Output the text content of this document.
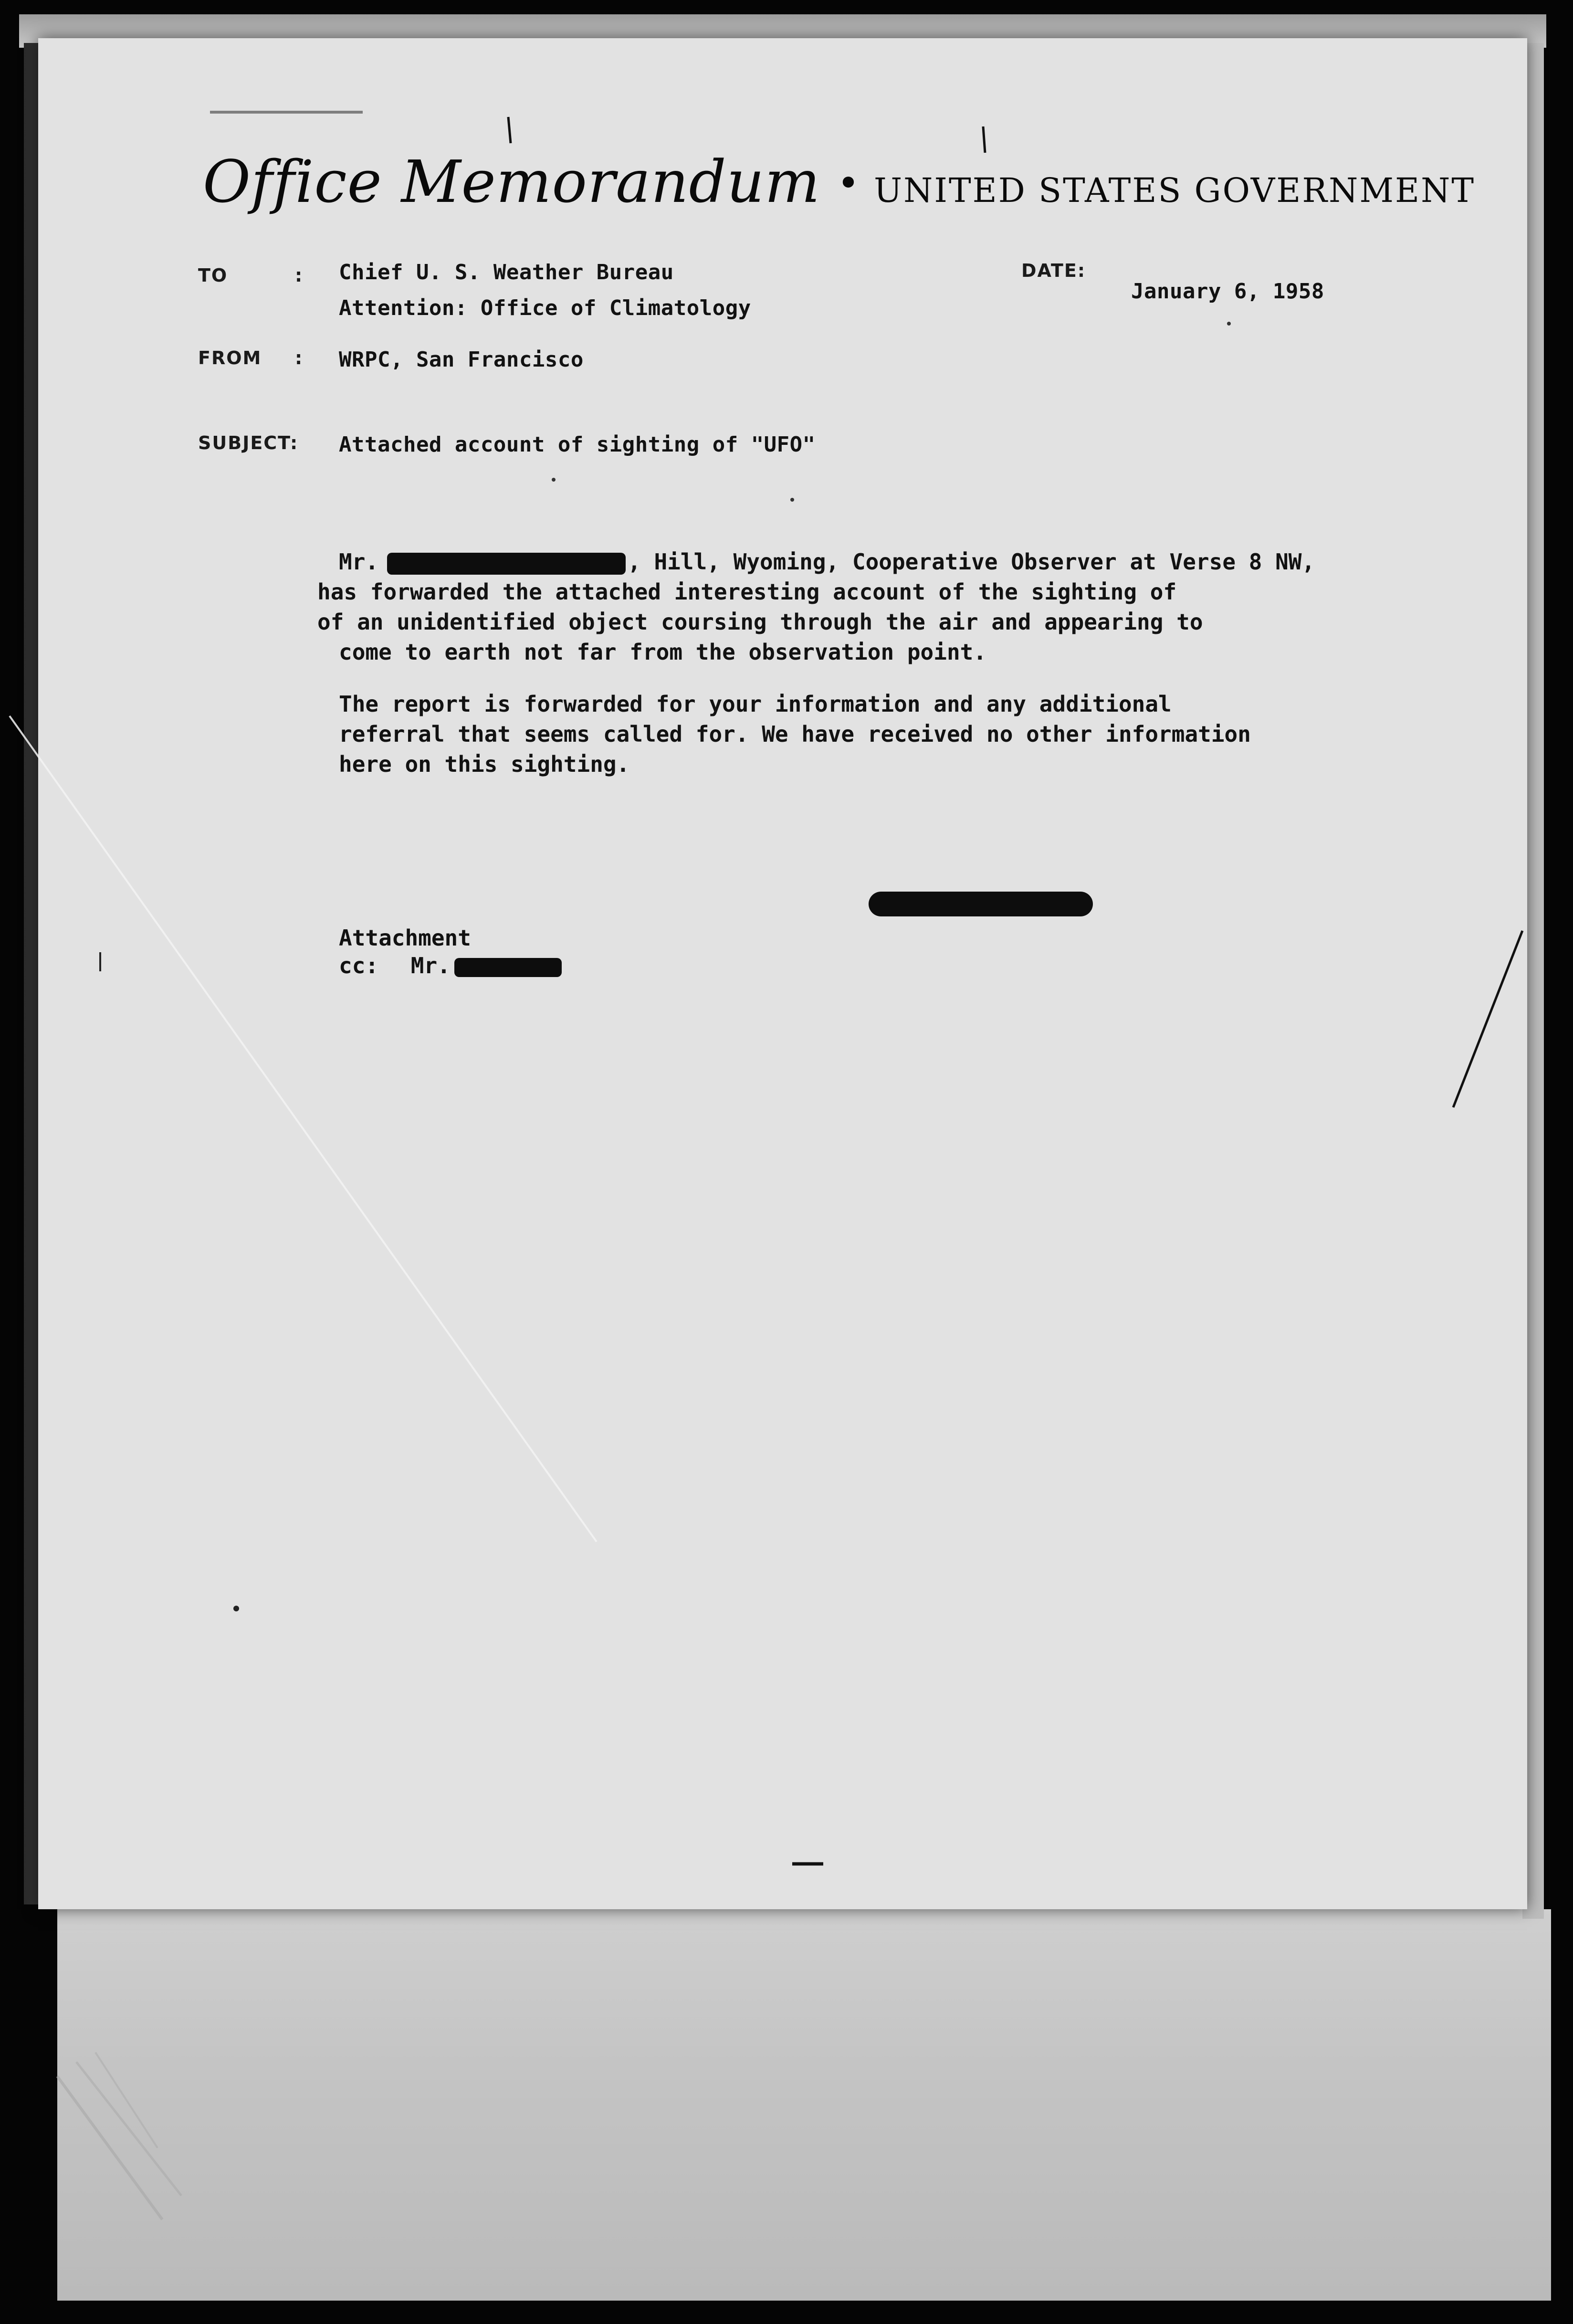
Office Memorandum • UNITED STATES GOVERNMENT
TO	: Chief U. S. Weather Bureau
Attention: Office of Climatology
DATE:
January 6, 1958
FROM : WRPC, San Francisco
SUBJECT: Attached account of sighting of "UFO"
Mr.	, Hill, Wyoming, Cooperative Observer at Verse 8 NW,
has forwarded the attached interesting account of the sighting of
of an unidentified object coursing through the air and appearing to
come to earth not far from the observation point.
The report is forwarded for your information and any additional
referral that seems called for. We have received no other information
here on this sighting.
Attachment
cc: Mr.
